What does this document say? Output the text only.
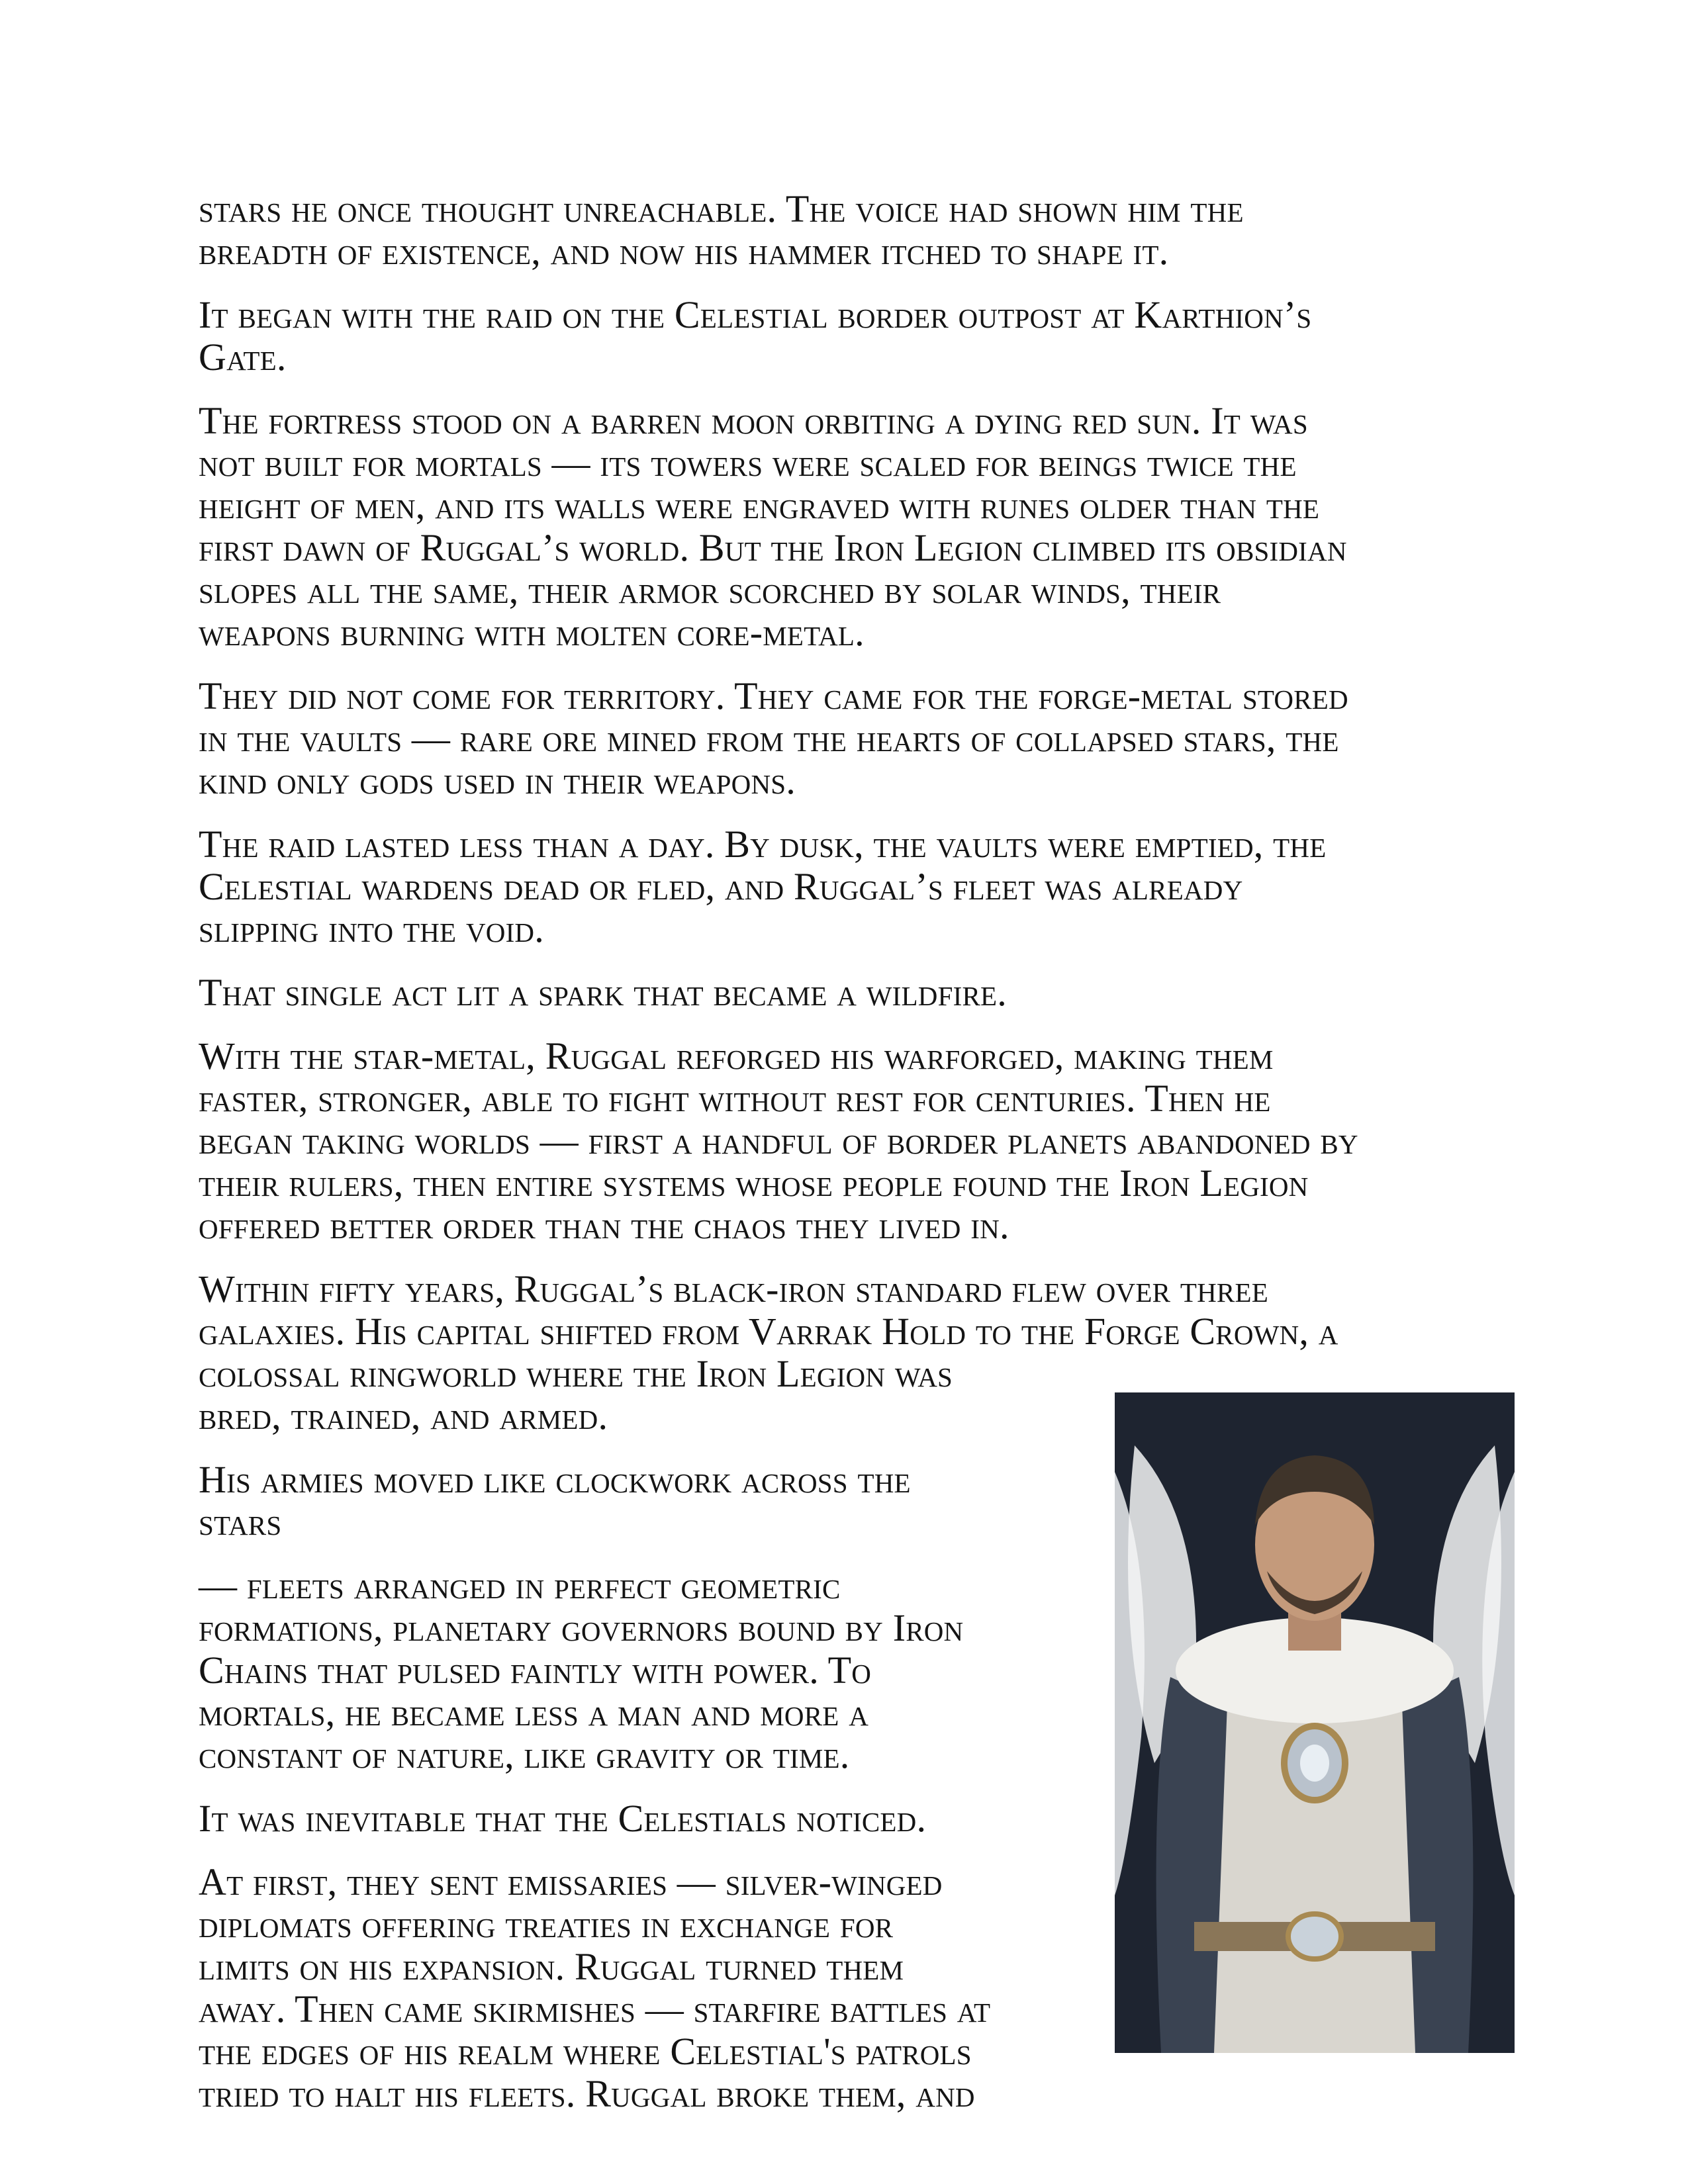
stars he once thought unreachable. The voice had shown him the
breadth of existence, and now his hammer itched to shape it.

It began with the raid on the Celestial border outpost at Karthion’s
Gate.

The fortress stood on a barren moon orbiting a dying red sun. It was
not built for mortals — its towers were scaled for beings twice the
height of men, and its walls were engraved with runes older than the
first dawn of Ruggal’s world. But the Iron Legion climbed its obsidian
slopes all the same, their armor scorched by solar winds, their
weapons burning with molten core-metal.

They did not come for territory. They came for the forge-metal stored
in the vaults — rare ore mined from the hearts of collapsed stars, the
kind only gods used in their weapons.

The raid lasted less than a day. By dusk, the vaults were emptied, the
Celestial wardens dead or fled, and Ruggal’s fleet was already
slipping into the void.

That single act lit a spark that became a wildfire.

With the star-metal, Ruggal reforged his warforged, making them
faster, stronger, able to fight without rest for centuries. Then he
began taking worlds — first a handful of border planets abandoned by
their rulers, then entire systems whose people found the Iron Legion
offered better order than the chaos they lived in.

Within fifty years, Ruggal’s black-iron standard flew over three
galaxies. His capital shifted from Varrak Hold to the Forge Crown, a
colossal ringworld where the Iron Legion was
bred, trained, and armed.

His armies moved like clockwork across the
stars

— fleets arranged in perfect geometric
formations, planetary governors bound by Iron
Chains that pulsed faintly with power. To
mortals, he became less a man and more a
constant of nature, like gravity or time.

It was inevitable that the Celestials noticed.

At first, they sent emissaries — silver-winged
diplomats offering treaties in exchange for
limits on his expansion. Ruggal turned them
away. Then came skirmishes — starfire battles at
the edges of his realm where Celestial's patrols
tried to halt his fleets. Ruggal broke them, and
